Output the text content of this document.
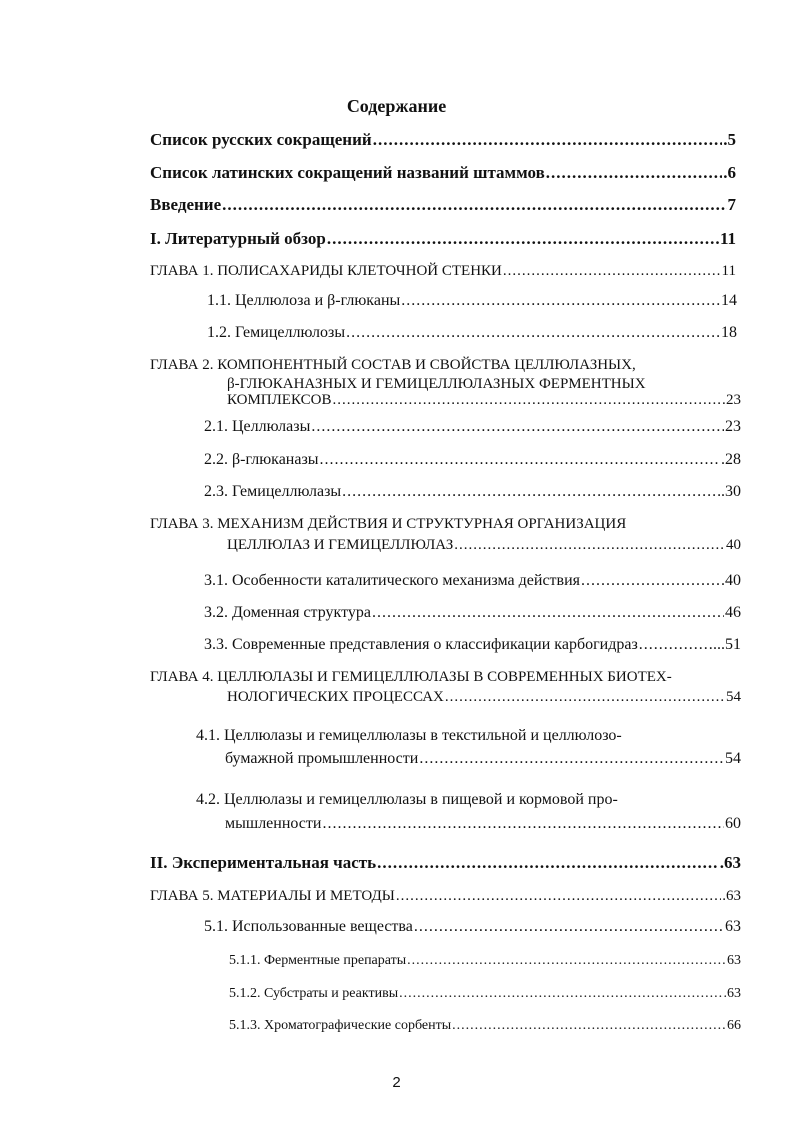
Содержание
Список русских сокращений .....	.5
Список латинских сокращений названий штаммов .....	.6
Введение .....	7
I. Литературный обзор .....	11
ГЛАВА 1. ПОЛИСАХАРИДЫ КЛЕТОЧНОЙ СТЕНКИ .....	11
1.1. Целлюлоза и β-глюканы .....	14
1.2. Гемицеллюлозы .....	18
ГЛАВА 2. КОМПОНЕНТНЫЙ СОСТАВ И СВОЙСТВА ЦЕЛЛЮЛАЗНЫХ,
β-ГЛЮКАНАЗНЫХ И ГЕМИЦЕЛЛЮЛАЗНЫХ ФЕРМЕНТНЫХ
КОМПЛЕКСОВ .....	23
2.1. Целлюлазы .....	23
2.2. β-глюканазы .....	.28
2.3. Гемицеллюлазы .....	.30
ГЛАВА 3. МЕХАНИЗМ ДЕЙСТВИЯ И СТРУКТУРНАЯ ОРГАНИЗАЦИЯ
ЦЕЛЛЮЛАЗ И ГЕМИЦЕЛЛЮЛАЗ .....	40
3.1. Особенности каталитического механизма действия .....	40
3.2. Доменная структура .....	46
3.3. Современные представления о классификации карбогидраз .....	...51
ГЛАВА 4. ЦЕЛЛЮЛАЗЫ И ГЕМИЦЕЛЛЮЛАЗЫ В СОВРЕМЕННЫХ БИОТЕХ-
НОЛОГИЧЕСКИХ ПРОЦЕССАХ .....	54
4.1. Целлюлазы и гемицеллюлазы в текстильной и целлюлозо-
бумажной промышленности .....	54
4.2. Целлюлазы и гемицеллюлазы в пищевой и кормовой про-
мышленности .....	60
II. Экспериментальная часть .....	.63
ГЛАВА 5. МАТЕРИАЛЫ И МЕТОДЫ .....	.63
5.1. Использованные вещества .....	63
5.1.1. Ферментные препараты .....	63
5.1.2. Субстраты и реактивы .....	.63
5.1.3. Хроматографические сорбенты .....	66
2
